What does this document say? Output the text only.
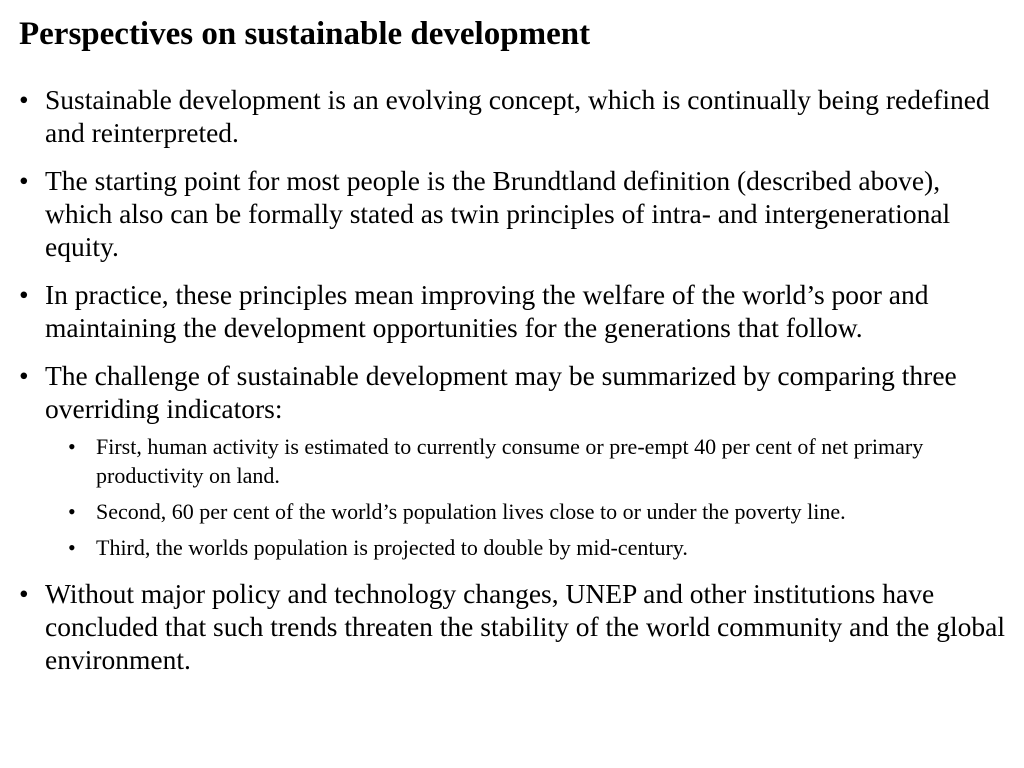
Perspectives on sustainable development
• Sustainable development is an evolving concept, which is continually being redefined and reinterpreted.
• The starting point for most people is the Brundtland definition (described above), which also can be formally stated as twin principles of intra- and intergenerational equity.
• In practice, these principles mean improving the welfare of the world’s poor and maintaining the development opportunities for the generations that follow.
• The challenge of sustainable development may be summarized by comparing three overriding indicators:
• First, human activity is estimated to currently consume or pre-empt 40 per cent of net primary productivity on land.
• Second, 60 per cent of the world’s population lives close to or under the poverty line.
• Third, the worlds population is projected to double by mid-century.
• Without major policy and technology changes, UNEP and other institutions have concluded that such trends threaten the stability of the world community and the global environment.
